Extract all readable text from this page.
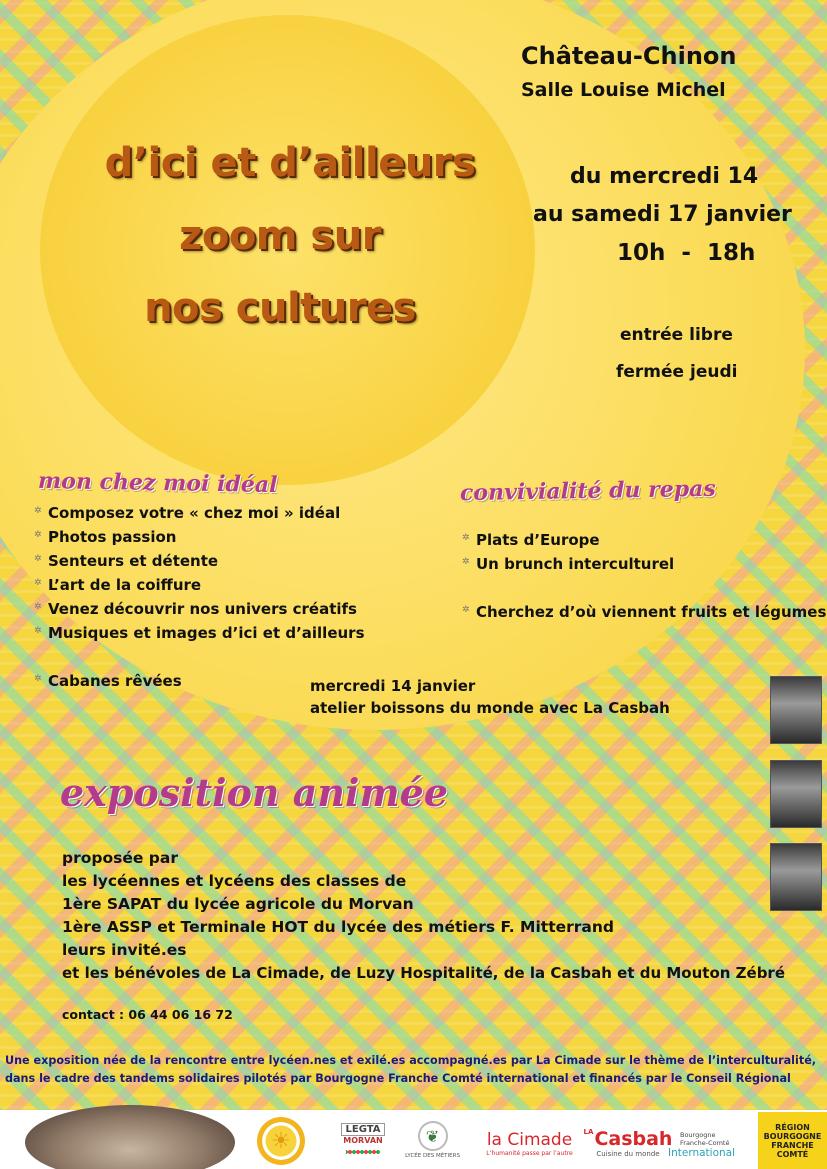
Château-Chinon
Salle Louise Michel
du mercredi 14
au samedi 17 janvier
10h  -  18h
entrée libre
fermée jeudi
d’ici et d’ailleurs
zoom sur
nos cultures
mon chez moi idéal
✲ Composez votre « chez moi » idéal
✲ Photos passion
✲ Senteurs et détente
✲ L’art de la coiffure
✲ Venez découvrir nos univers créatifs
✲ Musiques et images d’ici et d’ailleurs
✲ Cabanes rêvées
convivialité du repas
✲ Plats d’Europe
✲ Un brunch interculturel
✲ Cherchez d’où viennent fruits et légumes
mercredi 14 janvier
atelier boissons du monde avec La Casbah
exposition animée
proposée par
les lycéennes et lycéens des classes de
1ère SAPAT du lycée agricole du Morvan
1ère ASSP et Terminale HOT du lycée des métiers F. Mitterrand
leurs invité.es
et les bénévoles de La Cimade, de Luzy Hospitalité, de la Casbah et du Mouton Zébré
contact : 06 44 06 16 72
Une exposition née de la rencontre entre lycéen.nes et exilé.es accompagné.es par La Cimade sur le thème de l’interculturalité,
dans le cadre des tandems solidaires pilotés par Bourgogne Franche Comté international et financés par le Conseil Régional
☀	LEGTA
MORVAN	❦
LYCÉE DES MÉTIERS
la Cimade
L’humanité passe par l’autre
LA Casbah
Cuisine du monde
Bourgogne
Franche-Comté
International
RÉGION
BOURGOGNE
FRANCHE
COMTÉ
